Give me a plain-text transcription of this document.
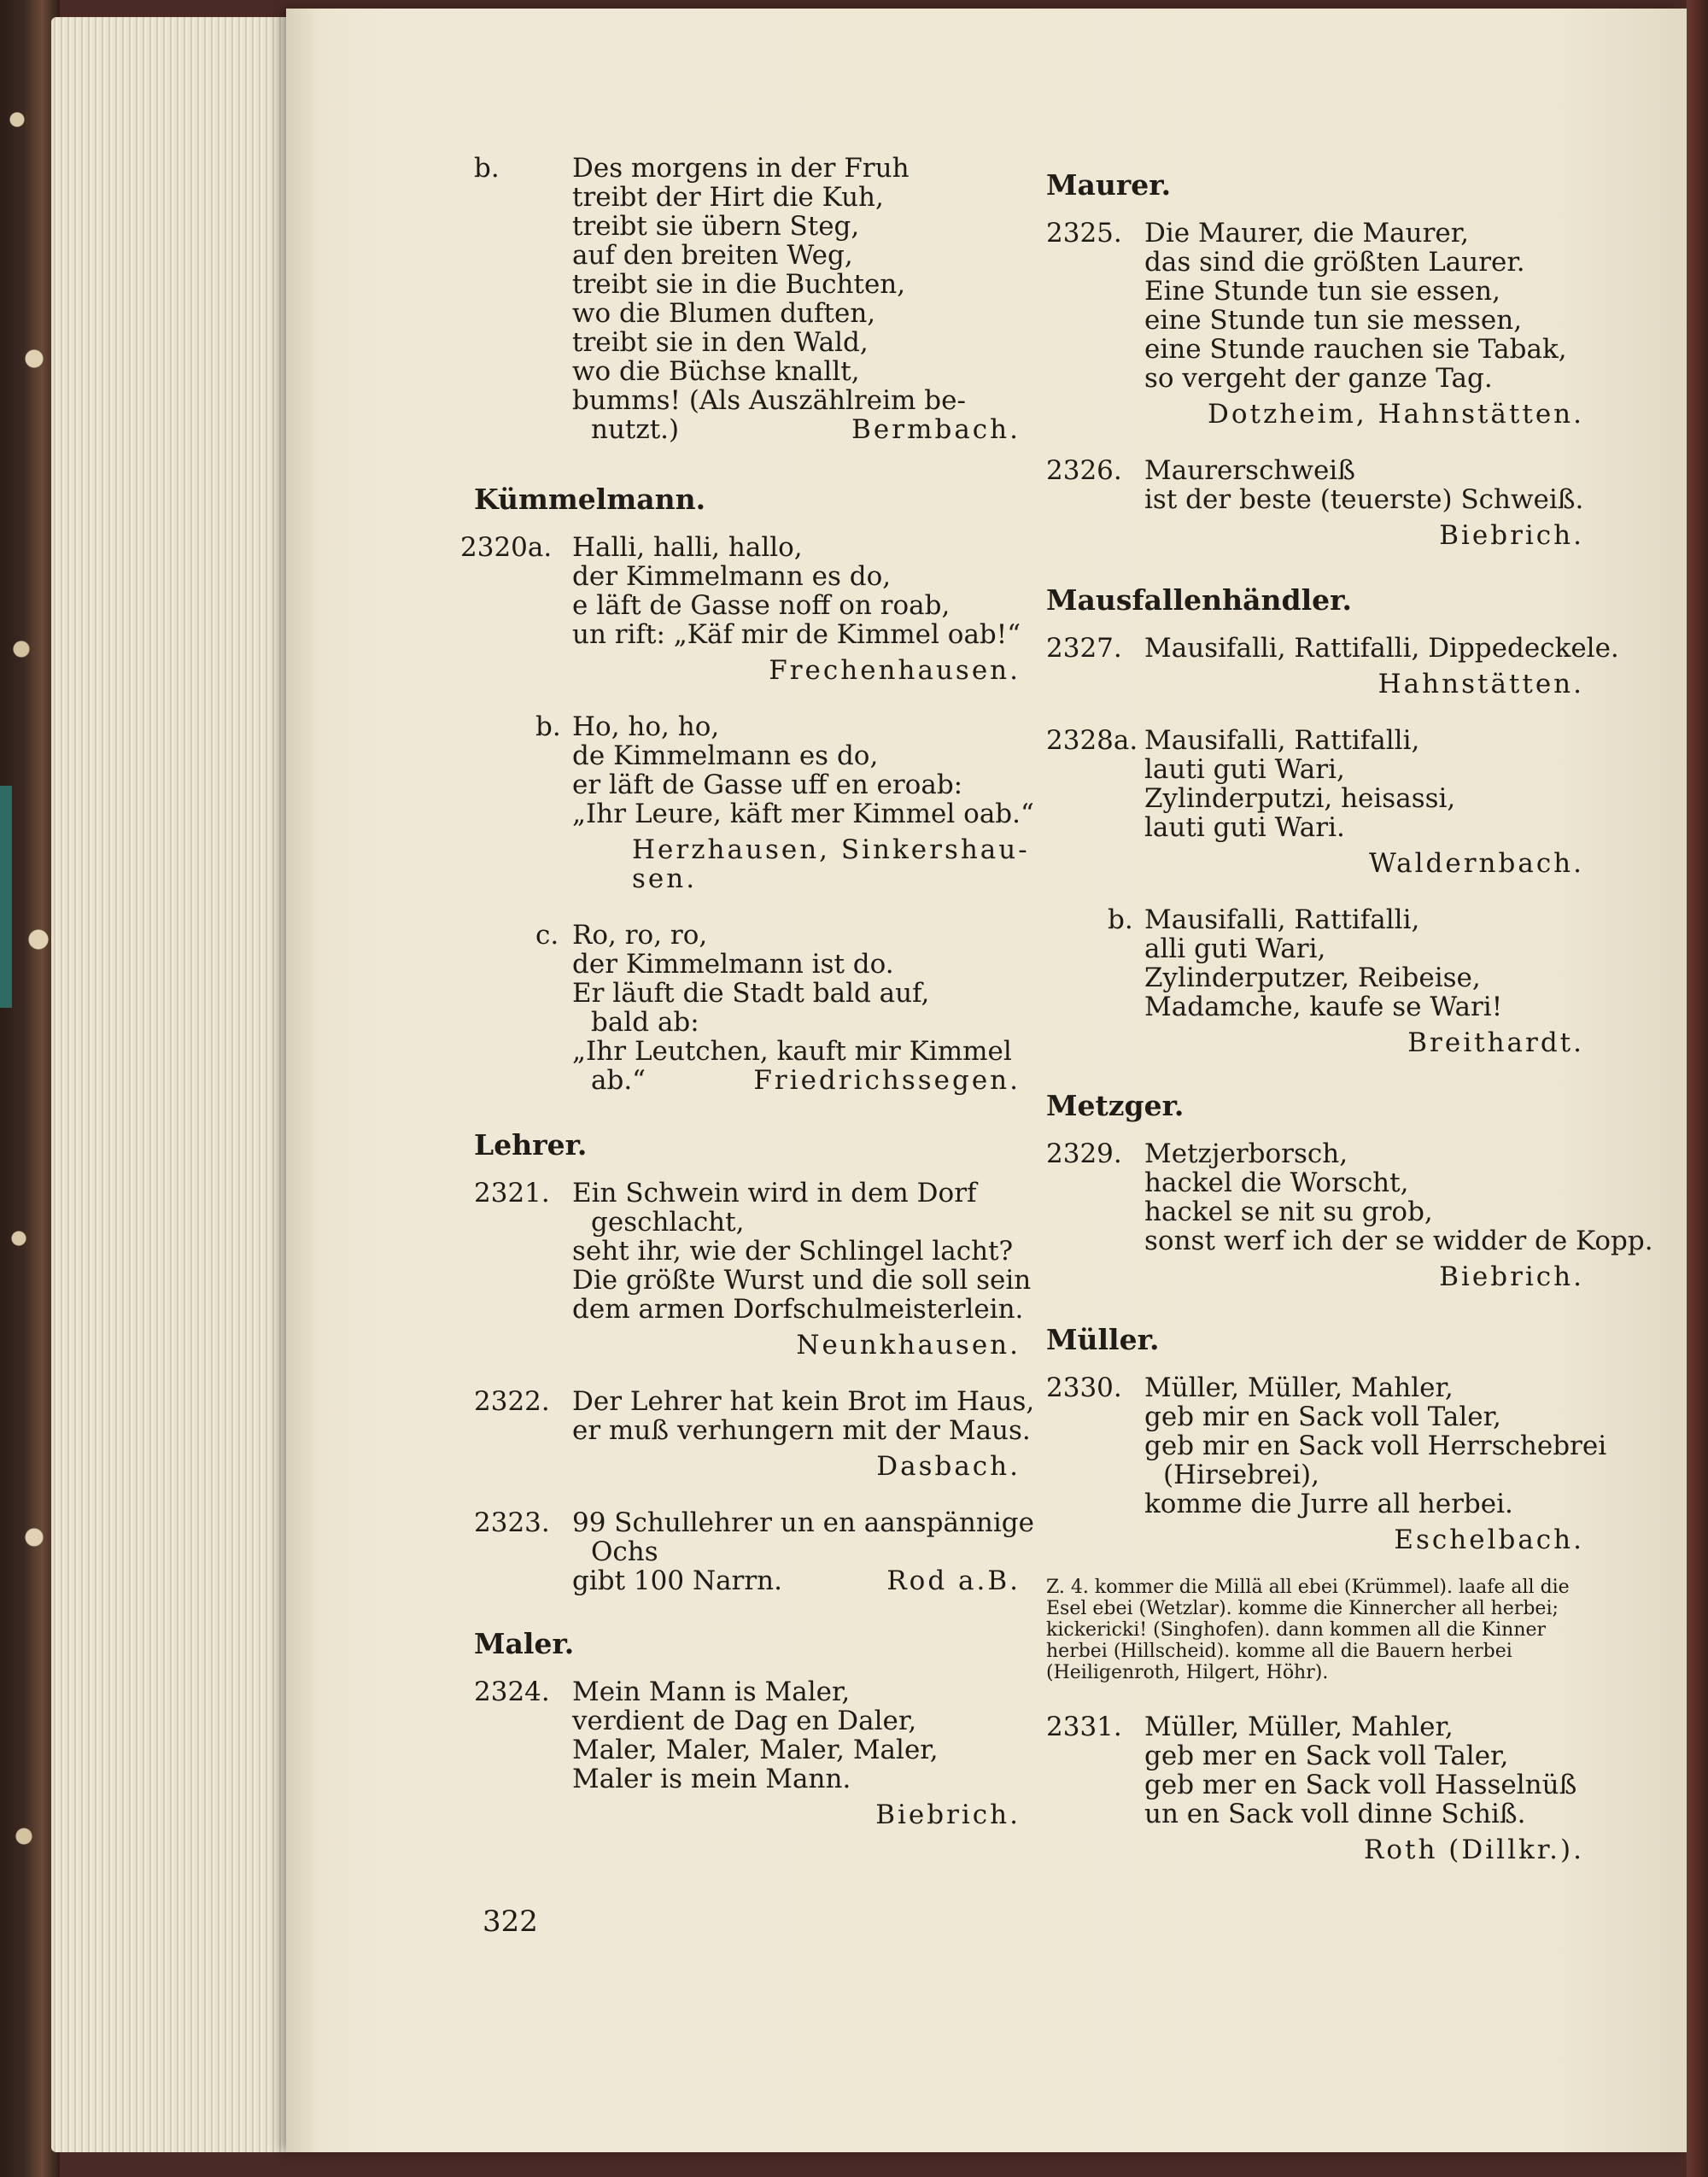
b.	Des morgens in der Fruh
treibt der Hirt die Kuh,
treibt sie übern Steg,
auf den breiten Weg,
treibt sie in die Buchten,
wo die Blumen duften,
treibt sie in den Wald,
wo die Büchse knallt,
bumms! (Als Auszählreim be-
nutzt.)	Bermbach.
Kümmelmann.
2320a. Halli, halli, hallo,
der Kimmelmann es do,
e läft de Gasse noff on roab,
un rift: „Käf mir de Kimmel oab!“
Frechenhausen.
b. Ho, ho, ho,
de Kimmelmann es do,
er läft de Gasse uff en eroab:
„Ihr Leure, käft mer Kimmel oab.“
Herzhausen, Sinkershau-
sen.
c. Ro, ro, ro,
der Kimmelmann ist do.
Er läuft die Stadt bald auf,
bald ab:
„Ihr Leutchen, kauft mir Kimmel
ab.“	Friedrichssegen.
Lehrer.
2321. Ein Schwein wird in dem Dorf
geschlacht,
seht ihr, wie der Schlingel lacht?
Die größte Wurst und die soll sein
dem armen Dorfschulmeisterlein.
Neunkhausen.
2322. Der Lehrer hat kein Brot im Haus,
er muß verhungern mit der Maus.
Dasbach.
2323. 99 Schullehrer un en aanspännige
Ochs
gibt 100 Narrn.	Rod a.B.
Maler.
2324. Mein Mann is Maler,
verdient de Dag en Daler,
Maler, Maler, Maler, Maler,
Maler is mein Mann.
Biebrich.
Maurer.
2325. Die Maurer, die Maurer,
das sind die größten Laurer.
Eine Stunde tun sie essen,
eine Stunde tun sie messen,
eine Stunde rauchen sie Tabak,
so vergeht der ganze Tag.
Dotzheim, Hahnstätten.
2326. Maurerschweiß
ist der beste (teuerste) Schweiß.
Biebrich.
Mausfallenhändler.
2327. Mausifalli, Rattifalli, Dippedeckele.
Hahnstätten.
2328a. Mausifalli, Rattifalli,
lauti guti Wari,
Zylinderputzi, heisassi,
lauti guti Wari.
Waldernbach.
b. Mausifalli, Rattifalli,
alli guti Wari,
Zylinderputzer, Reibeise,
Madamche, kaufe se Wari!
Breithardt.
Metzger.
2329. Metzjerborsch,
hackel die Worscht,
hackel se nit su grob,
sonst werf ich der se widder de Kopp.
Biebrich.
Müller.
2330. Müller, Müller, Mahler,
geb mir en Sack voll Taler,
geb mir en Sack voll Herrschebrei
(Hirsebrei),
komme die Jurre all herbei.
Eschelbach.
Z. 4. kommer die Millä all ebei (Krümmel). laafe all die Esel ebei (Wetzlar). komme die Kinnercher all herbei; kickericki! (Singhofen). dann kommen all die Kinner herbei (Hillscheid). komme all die Bauern herbei (Heiligenroth, Hilgert, Höhr).
2331. Müller, Müller, Mahler,
geb mer en Sack voll Taler,
geb mer en Sack voll Hasselnüß
un en Sack voll dinne Schiß.
Roth (Dillkr.).
322
